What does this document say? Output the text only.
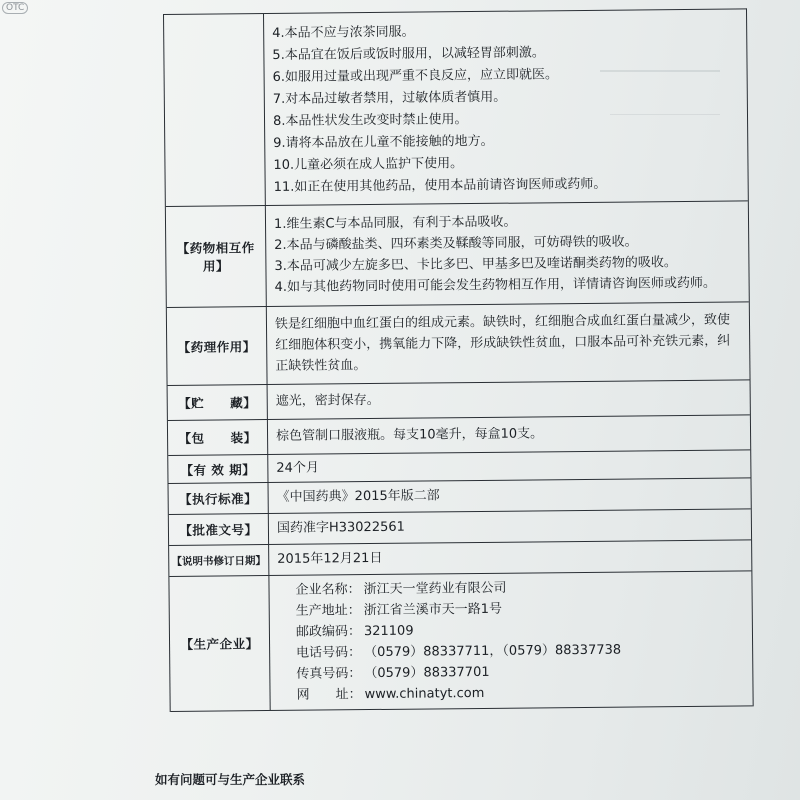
OTC
4. 本品不应与浓茶同服。
5. 本品宜在饭后或饭时服用，以减轻胃部刺激。
6. 如服用过量或出现严重不良反应，应立即就医。
7. 对本品过敏者禁用，过敏体质者慎用。
8. 本品性状发生改变时禁止使用。
9. 请将本品放在儿童不能接触的地方。
10. 儿童必须在成人监护下使用。
11. 如正在使用其他药品，使用本品前请咨询医师或药师。
【药物相互作用】
1. 维生素C与本品同服，有利于本品吸收。
2. 本品与磷酸盐类、四环素类及鞣酸等同服，可妨碍铁的吸收。
3. 本品可减少左旋多巴、卡比多巴、甲基多巴及喹诺酮类药物的吸收。
4. 如与其他药物同时使用可能会发生药物相互作用，详情请咨询医师或药师。
【药理作用】
铁是红细胞中血红蛋白的组成元素。缺铁时，红细胞合成血红蛋白量减少，致使红细胞体积变小，携氧能力下降，形成缺铁性贫血，口服本品可补充铁元素，纠正缺铁性贫血。
【贮　　藏】	遮光，密封保存。
【包　　装】	棕色管制口服液瓶。每支10毫升，每盒10支。
【有 效 期】	24个月
【执行标准】	《中国药典》2015年版二部
【批准文号】	国药准字H33022561
【说明书修订日期】 2015年12月21日
【生产企业】
企业名称： 浙江天一堂药业有限公司
生产地址： 浙江省兰溪市天一路1号
邮政编码： 321109
电话号码： （0579）88337711，（0579）88337738
传真号码： （0579）88337701
网　　址： www.chinatyt.com
如有问题可与生产企业联系
